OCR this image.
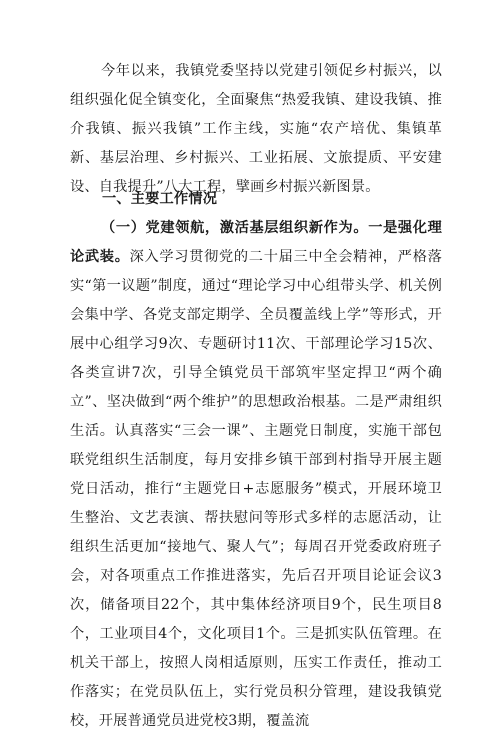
今年以来，我镇党委坚持以党建引领促乡村振兴，以组织强化促全镇变化，全面聚焦“热爱我镇、建设我镇、推介我镇、振兴我镇”工作主线，实施“农产培优、集镇革新、基层治理、乡村振兴、工业拓展、文旅提质、平安建设、自我提升”八大工程，擘画乡村振兴新图景。

一、主要工作情况

（一）党建领航，激活基层组织新作为。一是强化理论武装。深入学习贯彻党的二十届三中全会精神，严格落实“第一议题”制度，通过“理论学习中心组带头学、机关例会集中学、各党支部定期学、全员覆盖线上学”等形式，开展中心组学习9次、专题研讨11次、干部理论学习15次、各类宣讲7次，引导全镇党员干部筑牢坚定捍卫“两个确立”、坚决做到“两个维护”的思想政治根基。二是严肃组织生活。认真落实“三会一课”、主题党日制度，实施干部包联党组织生活制度，每月安排乡镇干部到村指导开展主题党日活动，推行“主题党日+志愿服务”模式，开展环境卫生整治、文艺表演、帮扶慰问等形式多样的志愿活动，让组织生活更加“接地气、聚人气”；每周召开党委政府班子会，对各项重点工作推进落实，先后召开项目论证会议3次，储备项目22个，其中集体经济项目9个，民生项目8个，工业项目4个，文化项目1个。三是抓实队伍管理。在机关干部上，按照人岗相适原则，压实工作责任，推动工作落实；在党员队伍上，实行党员积分管理，建设我镇党校，开展普通党员进党校3期，覆盖流
